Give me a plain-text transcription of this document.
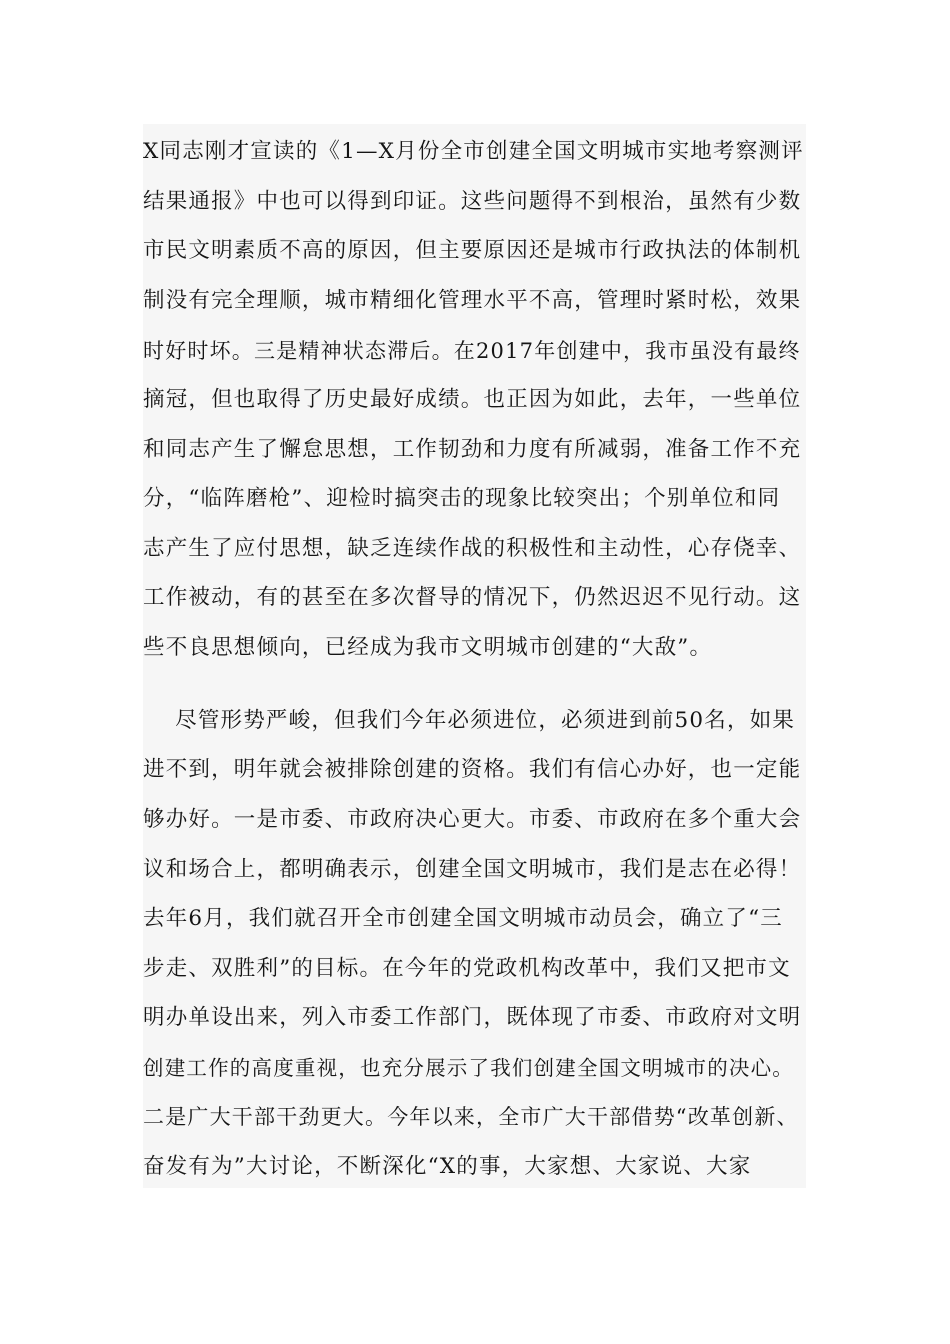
X同志刚才宣读的《1—X月份全市创建全国文明城市实地考察测评
结果通报》中也可以得到印证。这些问题得不到根治，虽然有少数
市民文明素质不高的原因，但主要原因还是城市行政执法的体制机
制没有完全理顺，城市精细化管理水平不高，管理时紧时松，效果
时好时坏。三是精神状态滞后。在2017年创建中，我市虽没有最终
摘冠，但也取得了历史最好成绩。也正因为如此，去年，一些单位
和同志产生了懈怠思想，工作韧劲和力度有所减弱，准备工作不充
分，“临阵磨枪”、迎检时搞突击的现象比较突出；个别单位和同
志产生了应付思想，缺乏连续作战的积极性和主动性，心存侥幸、
工作被动，有的甚至在多次督导的情况下，仍然迟迟不见行动。这
些不良思想倾向，已经成为我市文明城市创建的“大敌”。
尽管形势严峻，但我们今年必须进位，必须进到前50名，如果
进不到，明年就会被排除创建的资格。我们有信心办好，也一定能
够办好。一是市委、市政府决心更大。市委、市政府在多个重大会
议和场合上，都明确表示，创建全国文明城市，我们是志在必得！
去年6月，我们就召开全市创建全国文明城市动员会，确立了“三
步走、双胜利”的目标。在今年的党政机构改革中，我们又把市文
明办单设出来，列入市委工作部门，既体现了市委、市政府对文明
创建工作的高度重视，也充分展示了我们创建全国文明城市的决心。
二是广大干部干劲更大。今年以来，全市广大干部借势“改革创新、
奋发有为”大讨论，不断深化“X的事，大家想、大家说、大家
